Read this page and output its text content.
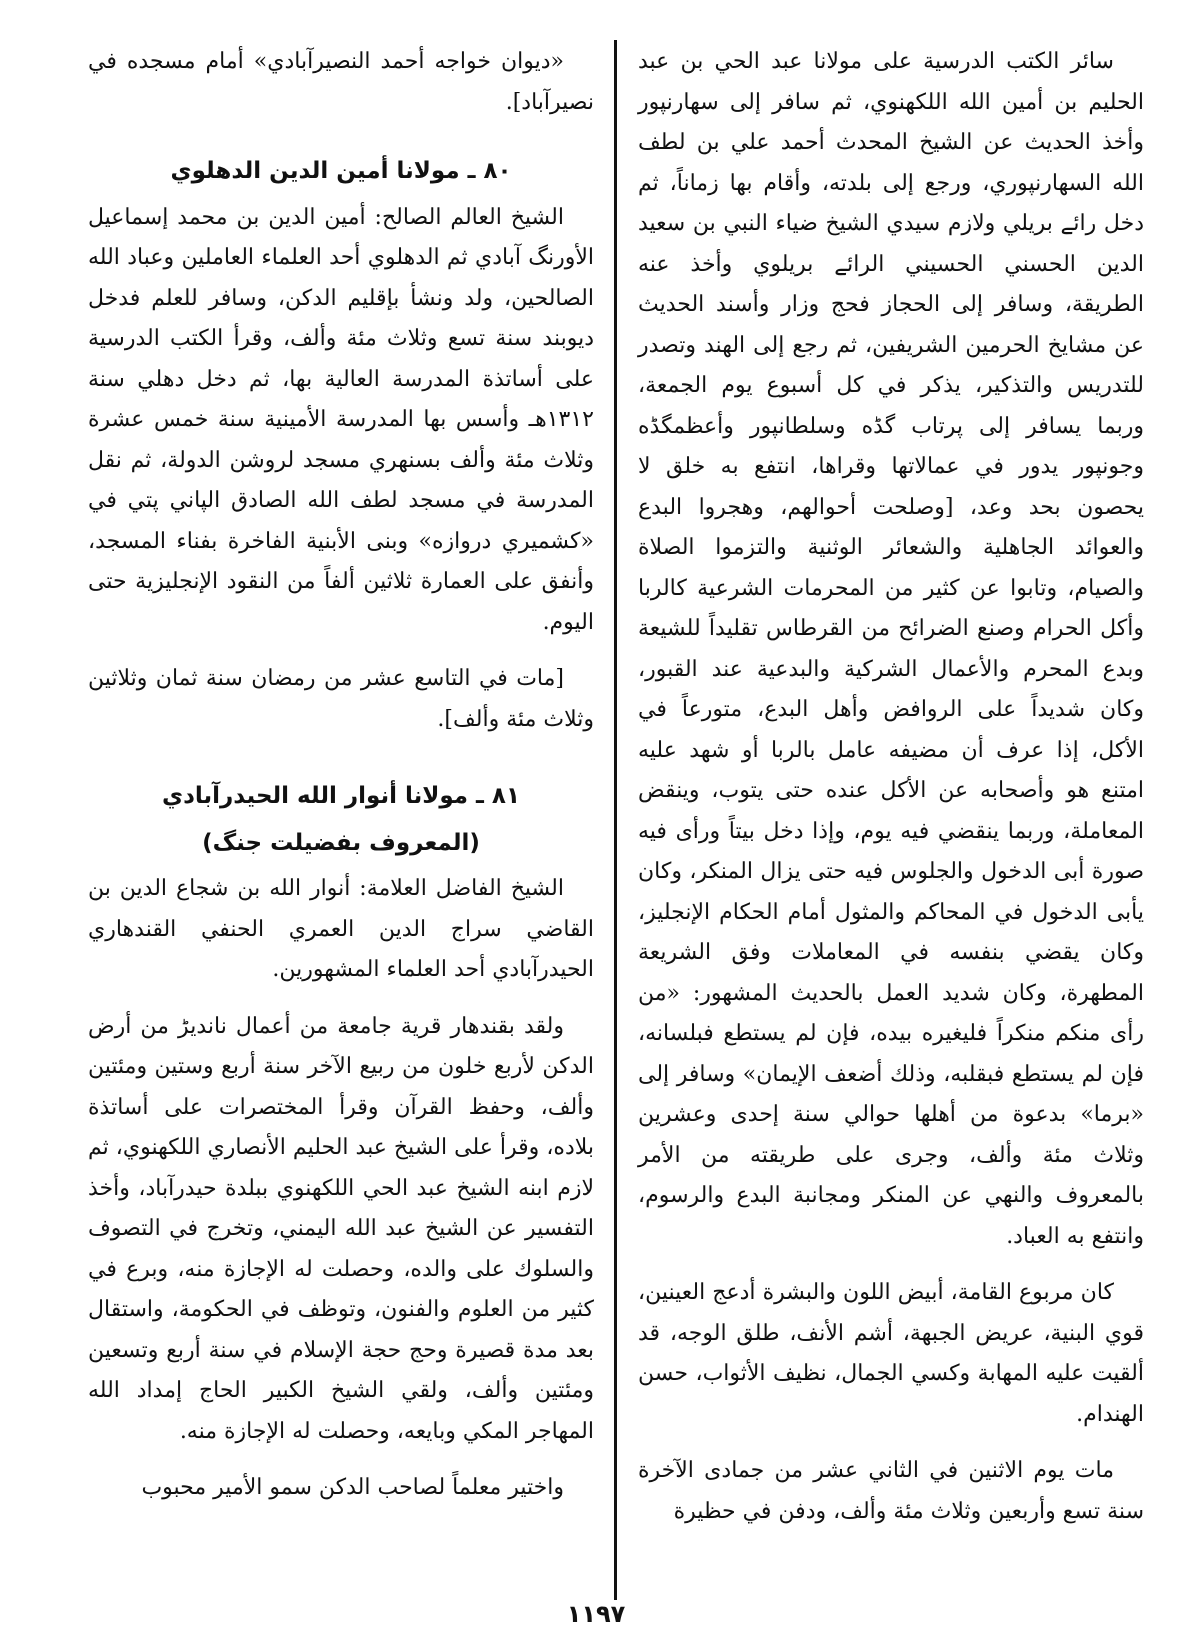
سائر الكتب الدرسية على مولانا عبد الحي بن عبد الحليم بن أمين الله اللكهنوي، ثم سافر إلى سهارنپور وأخذ الحديث عن الشيخ المحدث أحمد علي بن لطف الله السهارنپوري، ورجع إلى بلدته، وأقام بها زماناً، ثم دخل رائے بريلي ولازم سيدي الشيخ ضياء النبي بن سعيد الدين الحسني الحسيني الرائے بريلوي وأخذ عنه الطريقة، وسافر إلى الحجاز فحج وزار وأسند الحديث عن مشايخ الحرمين الشريفين، ثم رجع إلى الهند وتصدر للتدريس والتذكير، يذكر في كل أسبوع يوم الجمعة، وربما يسافر إلى پرتاب گڈه وسلطانپور وأعظمگڈه وجونپور يدور في عمالاتها وقراها، انتفع به خلق لا يحصون بحد وعد، [وصلحت أحوالهم، وهجروا البدع والعوائد الجاهلية والشعائر الوثنية والتزموا الصلاة والصيام، وتابوا عن كثير من المحرمات الشرعية كالربا وأكل الحرام وصنع الضرائح من القرطاس تقليداً للشيعة وبدع المحرم والأعمال الشركية والبدعية عند القبور، وكان شديداً على الروافض وأهل البدع، متورعاً في الأكل، إذا عرف أن مضيفه عامل بالربا أو شهد عليه امتنع هو وأصحابه عن الأكل عنده حتى يتوب، وينقض المعاملة، وربما ينقضي فيه يوم، وإذا دخل بيتاً ورأى فيه صورة أبى الدخول والجلوس فيه حتى يزال المنكر، وكان يأبى الدخول في المحاكم والمثول أمام الحكام الإنجليز، وكان يقضي بنفسه في المعاملات وفق الشريعة المطهرة، وكان شديد العمل بالحديث المشهور: «من رأى منكم منكراً فليغيره بيده، فإن لم يستطع فبلسانه، فإن لم يستطع فبقلبه، وذلك أضعف الإيمان» وسافر إلى «برما» بدعوة من أهلها حوالي سنة إحدى وعشرين وثلاث مئة وألف، وجرى على طريقته من الأمر بالمعروف والنهي عن المنكر ومجانبة البدع والرسوم، وانتفع به العباد.

كان مربوع القامة، أبيض اللون والبشرة أدعج العينين، قوي البنية، عريض الجبهة، أشم الأنف، طلق الوجه، قد ألقيت عليه المهابة وكسي الجمال، نظيف الأثواب، حسن الهندام.

مات يوم الاثنين في الثاني عشر من جمادى الآخرة سنة تسع وأربعين وثلاث مئة وألف، ودفن في حظيرة

«ديوان خواجه أحمد النصيرآبادي» أمام مسجده في نصيرآباد].

٨٠ ـ مولانا أمين الدين الدهلوي

الشيخ العالم الصالح: أمين الدين بن محمد إسماعيل الأورنگ آبادي ثم الدهلوي أحد العلماء العاملين وعباد الله الصالحين، ولد ونشأ بإقليم الدكن، وسافر للعلم فدخل ديوبند سنة تسع وثلاث مئة وألف، وقرأ الكتب الدرسية على أساتذة المدرسة العالية بها، ثم دخل دهلي سنة ١٣١٢هـ وأسس بها المدرسة الأمينية سنة خمس عشرة وثلاث مئة وألف بسنهري مسجد لروشن الدولة، ثم نقل المدرسة في مسجد لطف الله الصادق الپاني پتي في «كشميري دروازه» وبنى الأبنية الفاخرة بفناء المسجد، وأنفق على العمارة ثلاثين ألفاً من النقود الإنجليزية حتى اليوم.

[مات في التاسع عشر من رمضان سنة ثمان وثلاثين وثلاث مئة وألف].

٨١ ـ مولانا أنوار الله الحيدرآبادي
(المعروف بفضيلت جنگ)

الشيخ الفاضل العلامة: أنوار الله بن شجاع الدين بن القاضي سراج الدين العمري الحنفي القندهاري الحيدرآبادي أحد العلماء المشهورين.

ولقد بقندهار قرية جامعة من أعمال نانديڑ من أرض الدكن لأربع خلون من ربيع الآخر سنة أربع وستين ومئتين وألف، وحفظ القرآن وقرأ المختصرات على أساتذة بلاده، وقرأ على الشيخ عبد الحليم الأنصاري اللكهنوي، ثم لازم ابنه الشيخ عبد الحي اللكهنوي ببلدة حيدرآباد، وأخذ التفسير عن الشيخ عبد الله اليمني، وتخرج في التصوف والسلوك على والده، وحصلت له الإجازة منه، وبرع في كثير من العلوم والفنون، وتوظف في الحكومة، واستقال بعد مدة قصيرة وحج حجة الإسلام في سنة أربع وتسعين ومئتين وألف، ولقي الشيخ الكبير الحاج إمداد الله المهاجر المكي وبايعه، وحصلت له الإجازة منه.

واختير معلماً لصاحب الدكن سمو الأمير محبوب

١١٩٧
